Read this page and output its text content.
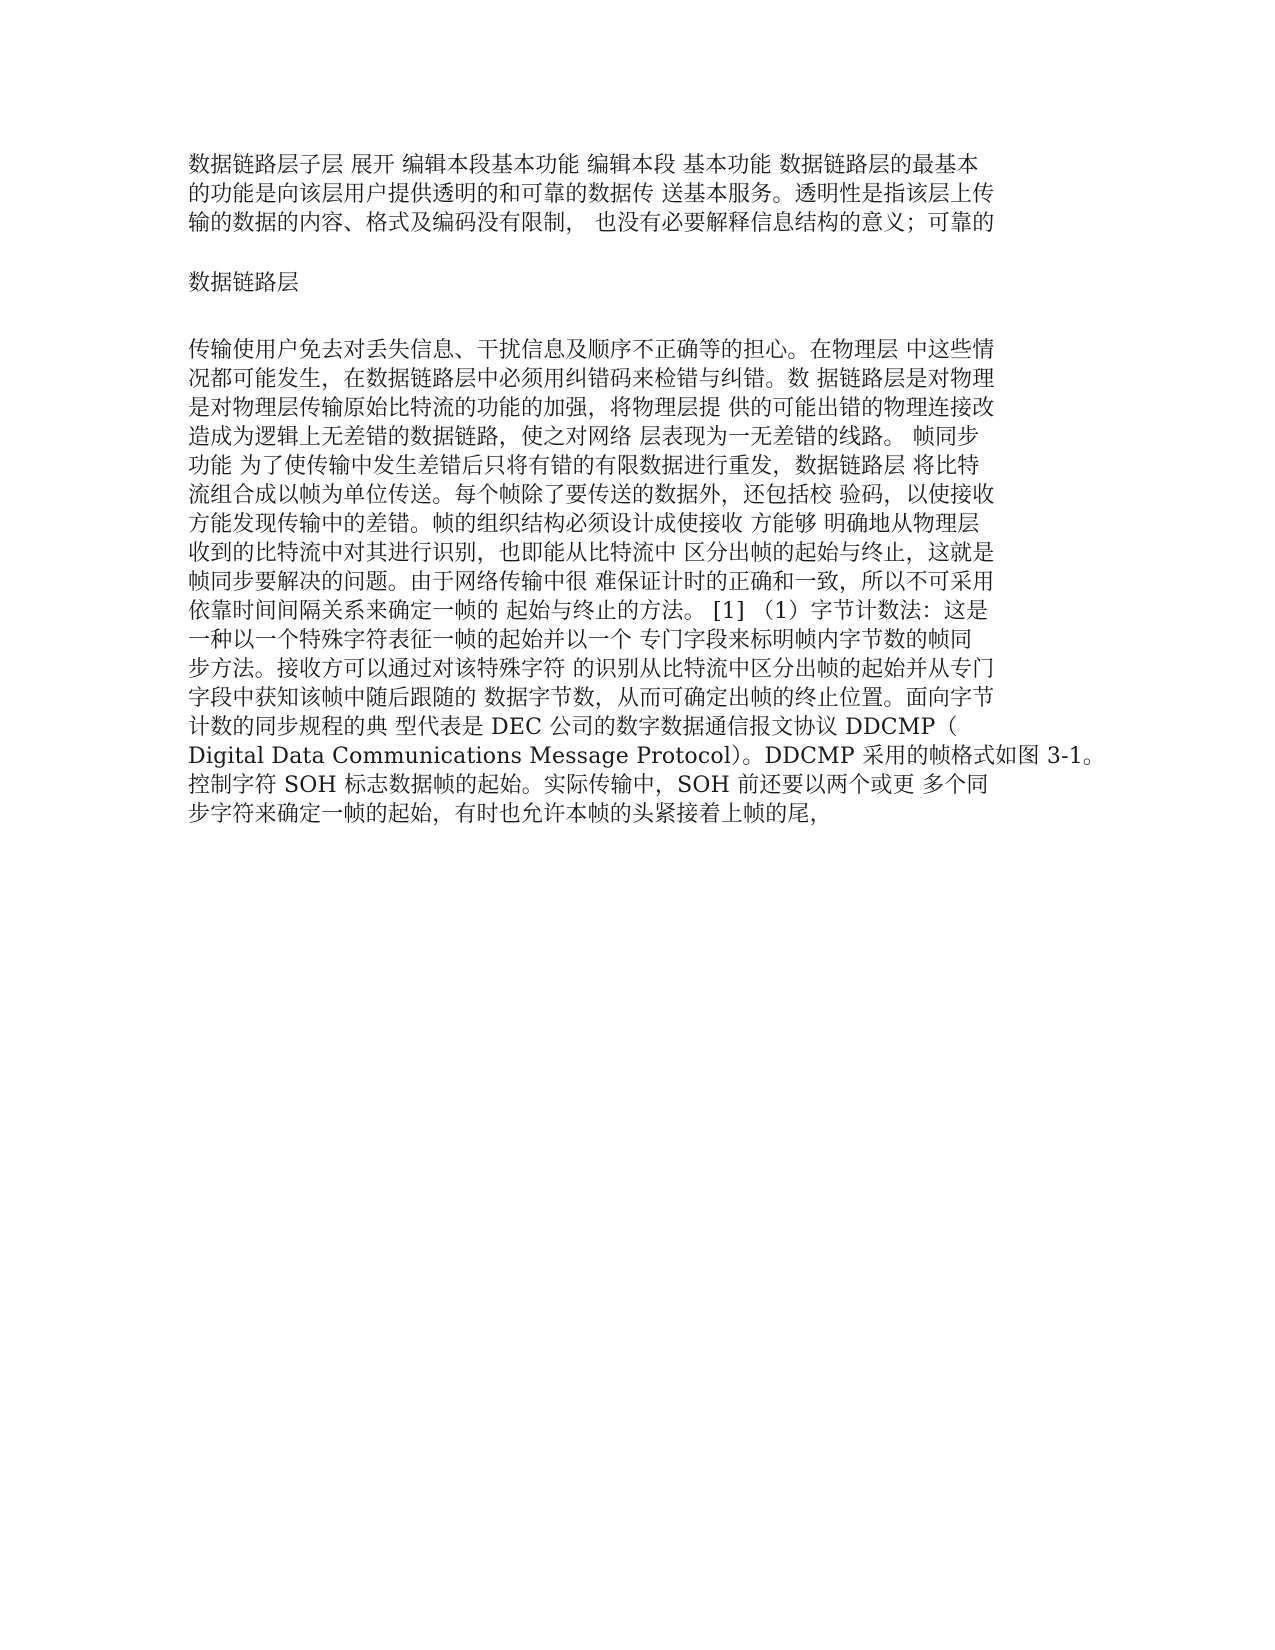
数据链路层子层 展开 编辑本段基本功能 编辑本段 基本功能 数据链路层的最基本
的功能是向该层用户提供透明的和可靠的数据传 送基本服务。透明性是指该层上传
输的数据的内容、格式及编码没有限制， 也没有必要解释信息结构的意义；可靠的
数据链路层
传输使用户免去对丢失信息、干扰信息及顺序不正确等的担心。在物理层 中这些情
况都可能发生，在数据链路层中必须用纠错码来检错与纠错。数 据链路层是对物理
是对物理层传输原始比特流的功能的加强，将物理层提 供的可能出错的物理连接改
造成为逻辑上无差错的数据链路，使之对网络 层表现为一无差错的线路。 帧同步
功能 为了使传输中发生差错后只将有错的有限数据进行重发，数据链路层 将比特
流组合成以帧为单位传送。每个帧除了要传送的数据外，还包括校 验码，以使接收
方能发现传输中的差错。帧的组织结构必须设计成使接收 方能够 明确地从物理层
收到的比特流中对其进行识别，也即能从比特流中 区分出帧的起始与终止，这就是
帧同步要解决的问题。由于网络传输中很 难保证计时的正确和一致，所以不可采用
依靠时间间隔关系来确定一帧的 起始与终止的方法。 [1] （1）字节计数法：这是
一种以一个特殊字符表征一帧的起始并以一个 专门字段来标明帧内字节数的帧同
步方法。接收方可以通过对该特殊字符 的识别从比特流中区分出帧的起始并从专门
字段中获知该帧中随后跟随的 数据字节数，从而可确定出帧的终止位置。面向字节
计数的同步规程的典 型代表是 DEC 公司的数字数据通信报文协议 DDCMP（
Digital Data Communications Message Protocol）。DDCMP 采用的帧格式如图 3-1。
控制字符 SOH 标志数据帧的起始。实际传输中，SOH 前还要以两个或更 多个同
步字符来确定一帧的起始，有时也允许本帧的头紧接着上帧的尾，
